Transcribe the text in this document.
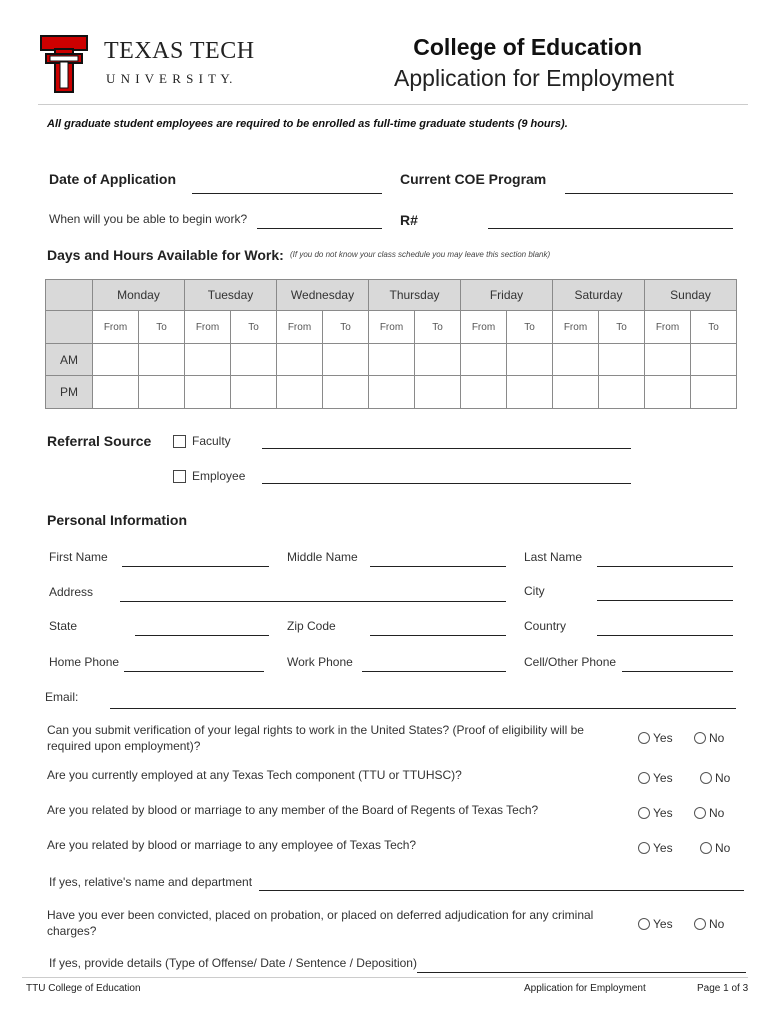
TEXAS TECH
U N I V E R S I T Y.
College of Education
Application for Employment
All graduate student employees are required to be enrolled as full-time graduate students (9 hours).
Date of Application	Current COE Program
When will you be able to begin work?	R#
Days and Hours Available for Work: (If you do not know your class schedule you may leave this section blank)
	Monday		Tuesday		Wednesday		Thursday		Friday		Saturday		Sunday	
	From	To	From	To	From	To	From	To	From	To	From	To	From	To
AM														
PM														
Referral Source	Faculty
Employee
Personal Information
First Name	Middle Name	Last Name
Address	City
State	Zip Code	Country
Home Phone	Work Phone	Cell/Other Phone
Email:
Can you submit verification of your legal rights to work in the United States? (Proof of eligibility will be required upon employment)?
Yes	No
Are you currently employed at any Texas Tech component (TTU or TTUHSC)?	Yes	No
Are you related by blood or marriage to any member of the Board of Regents of Texas Tech?	Yes	No
Are you related by blood or marriage to any employee of Texas Tech?	Yes	No
If yes, relative's name and department
Have you ever been convicted, placed on probation, or placed on deferred adjudication for any criminal charges?	Yes	No
If yes, provide details (Type of Offense/ Date / Sentence / Deposition)
TTU College of Education	Application for Employment	Page 1 of 3
